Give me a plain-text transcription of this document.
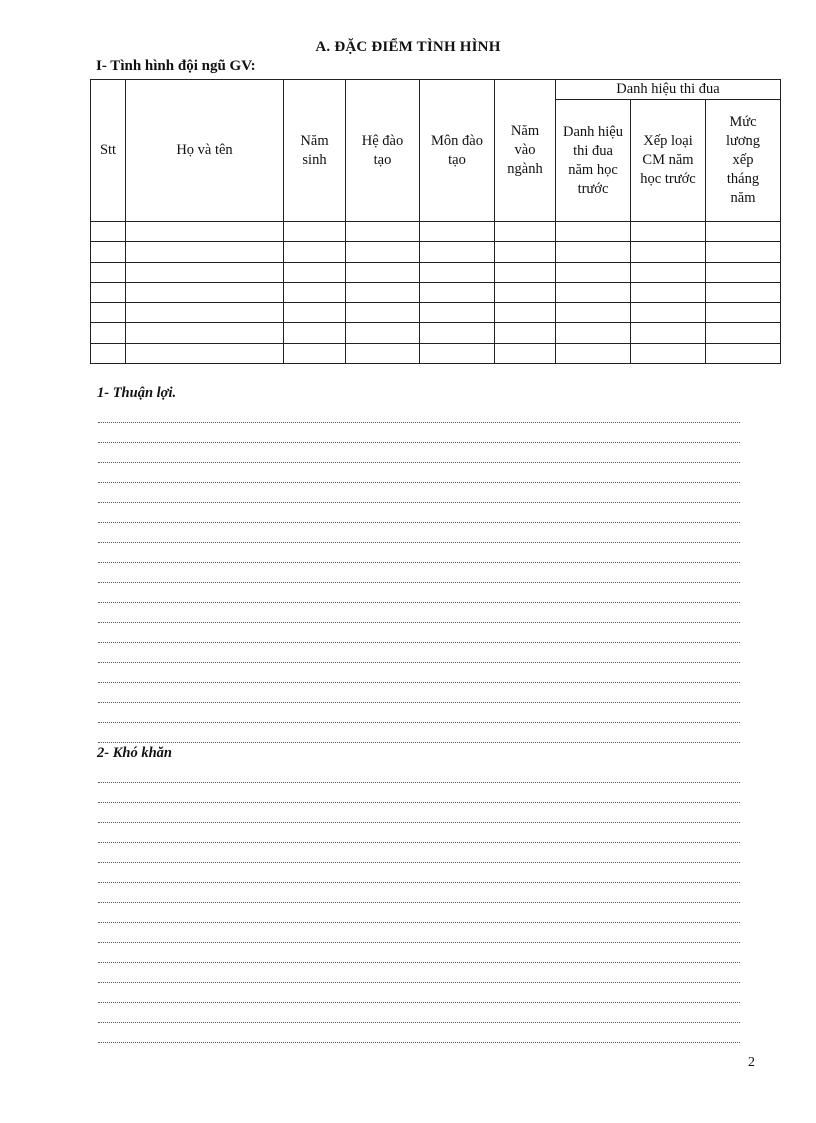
A. ĐẶC ĐIỂM TÌNH HÌNH
I- Tình hình đội ngũ GV:
Stt	Họ và tên	Năm sinh	Hệ đào tạo	Môn đào tạo	Năm vào ngành	Danh hiệu thi đua		
						Danh hiệu thi đua năm học trước	Xếp loại CM năm học trước	Mức lương xếp tháng năm

1- Thuận lợi.
2- Khó khăn
2
